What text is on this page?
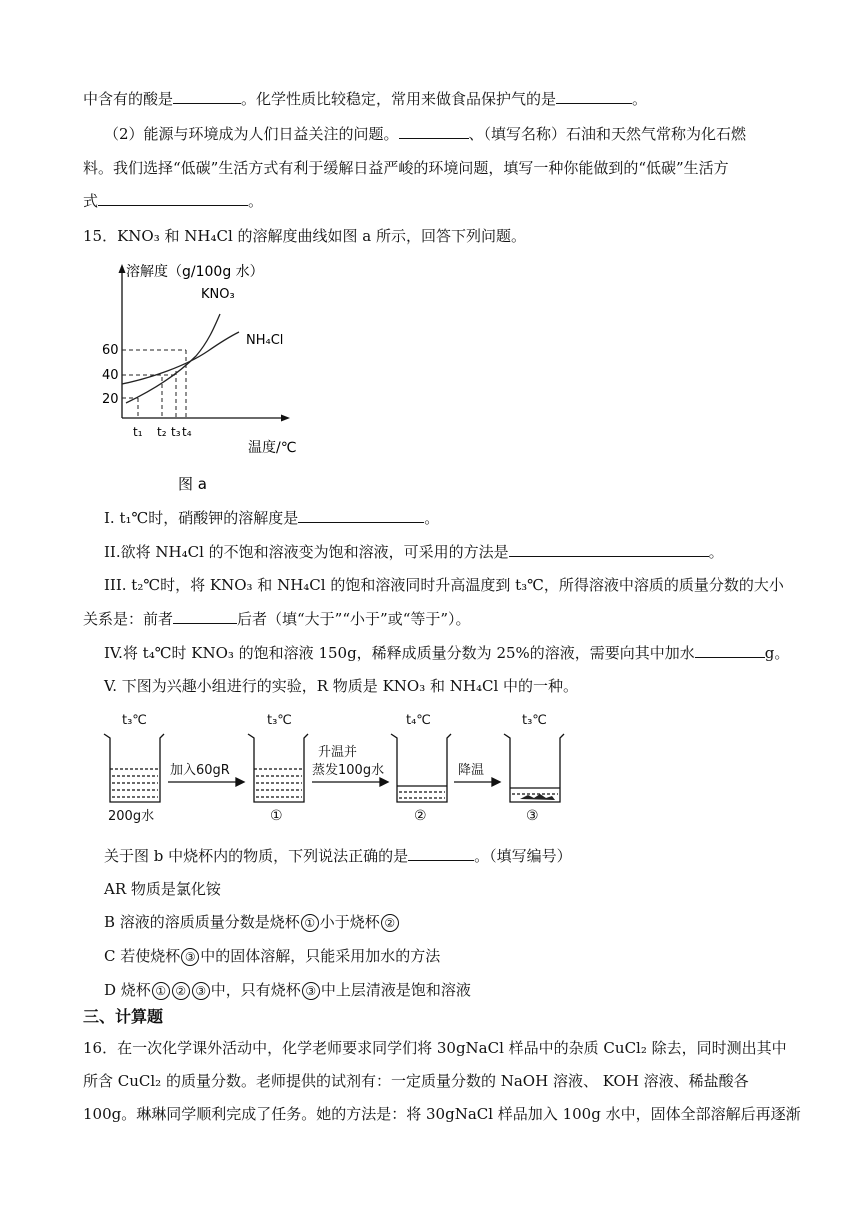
中含有的酸是	。化学性质比较稳定，常用来做食品保护气的是	。
（2）能源与环境成为人们日益关注的问题。	、（填写名称）石油和天然气常称为化石燃
料。我们选择“低碳”生活方式有利于缓解日益严峻的环境问题，填写一种你能做到的“低碳”生活方
式	。
15．KNO₃ 和 NH₄Cl 的溶解度曲线如图 a 所示，回答下列问题。
溶解度（g/100g 水）
温度/℃
KNO₃
NH₄Cl
60
40
20
t₁ t₂ t₃ t₄
图 a
I. t₁℃时，硝酸钾的溶解度是	。
II.欲将 NH₄Cl 的不饱和溶液变为饱和溶液，可采用的方法是	。
III. t₂℃时，将 KNO₃ 和 NH₄Cl 的饱和溶液同时升高温度到 t₃℃，所得溶液中溶质的质量分数的大小
关系是：前者	后者（填“大于”“小于”或“等于”）。
IV.将 t₄℃时 KNO₃ 的饱和溶液 150g，稀释成质量分数为 25%的溶液，需要向其中加水	g。
V. 下图为兴趣小组进行的实验，R 物质是 KNO₃ 和 NH₄Cl 中的一种。
t₃℃	t₃℃	t₄℃	t₃℃
加入60gR
升温并
蒸发100g水	降温
200g水	①	②	③
关于图 b 中烧杯内的物质，下列说法正确的是	。（填写编号）
AR 物质是氯化铵
B 溶液的溶质质量分数是烧杯 ① 小于烧杯 ②
C 若使烧杯 ③ 中的固体溶解，只能采用加水的方法
D 烧杯 ① ② ③ 中，只有烧杯 ③ 中上层清液是饱和溶液
三、计算题
16．在一次化学课外活动中，化学老师要求同学们将 30gNaCl 样品中的杂质 CuCl₂ 除去，同时测出其中
所含 CuCl₂ 的质量分数。老师提供的试剂有：一定质量分数的 NaOH 溶液、 KOH 溶液、稀盐酸各
100g。琳琳同学顺利完成了任务。她的方法是：将 30gNaCl 样品加入 100g 水中，固体全部溶解后再逐渐
